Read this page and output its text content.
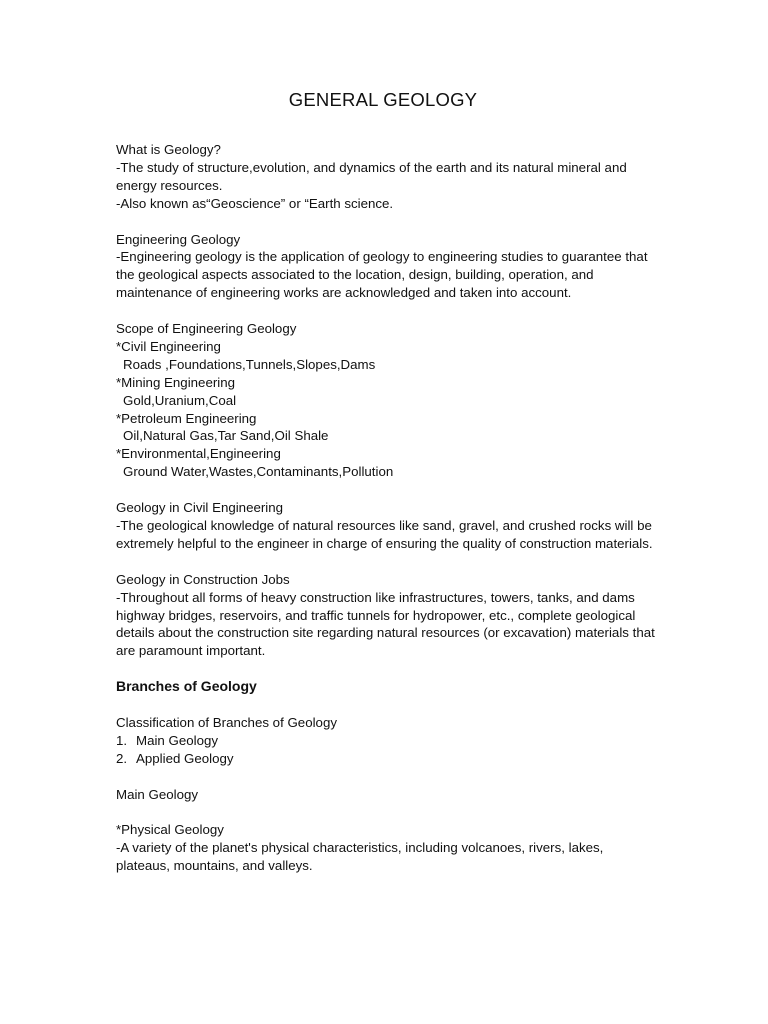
GENERAL GEOLOGY

What is Geology?

-The study of structure,evolution, and dynamics of the earth and its natural mineral and energy resources.

-Also known as“Geoscience” or “Earth science.

Engineering Geology

-Engineering geology is the application of geology to engineering studies to guarantee that the geological aspects associated to the location, design, building, operation, and maintenance of engineering works are acknowledged and taken into account.

Scope of Engineering Geology

*Civil Engineering

Roads ,Foundations,Tunnels,Slopes,Dams

*Mining Engineering

Gold,Uranium,Coal

*Petroleum Engineering

Oil,Natural Gas,Tar Sand,Oil Shale

*Environmental,Engineering

Ground Water,Wastes,Contaminants,Pollution

Geology in Civil Engineering

-The geological knowledge of natural resources like sand, gravel, and crushed rocks will be extremely helpful to the engineer in charge of ensuring the quality of construction materials.

Geology in Construction Jobs

-Throughout all forms of heavy construction like infrastructures, towers, tanks, and dams highway bridges, reservoirs, and traffic tunnels for hydropower, etc., complete geological details about the construction site regarding natural resources (or excavation) materials that are paramount important.

Branches of Geology

Classification of Branches of Geology

1. Main Geology

2. Applied Geology

Main Geology

*Physical Geology

-A variety of the planet's physical characteristics, including volcanoes, rivers, lakes, plateaus, mountains, and valleys.
